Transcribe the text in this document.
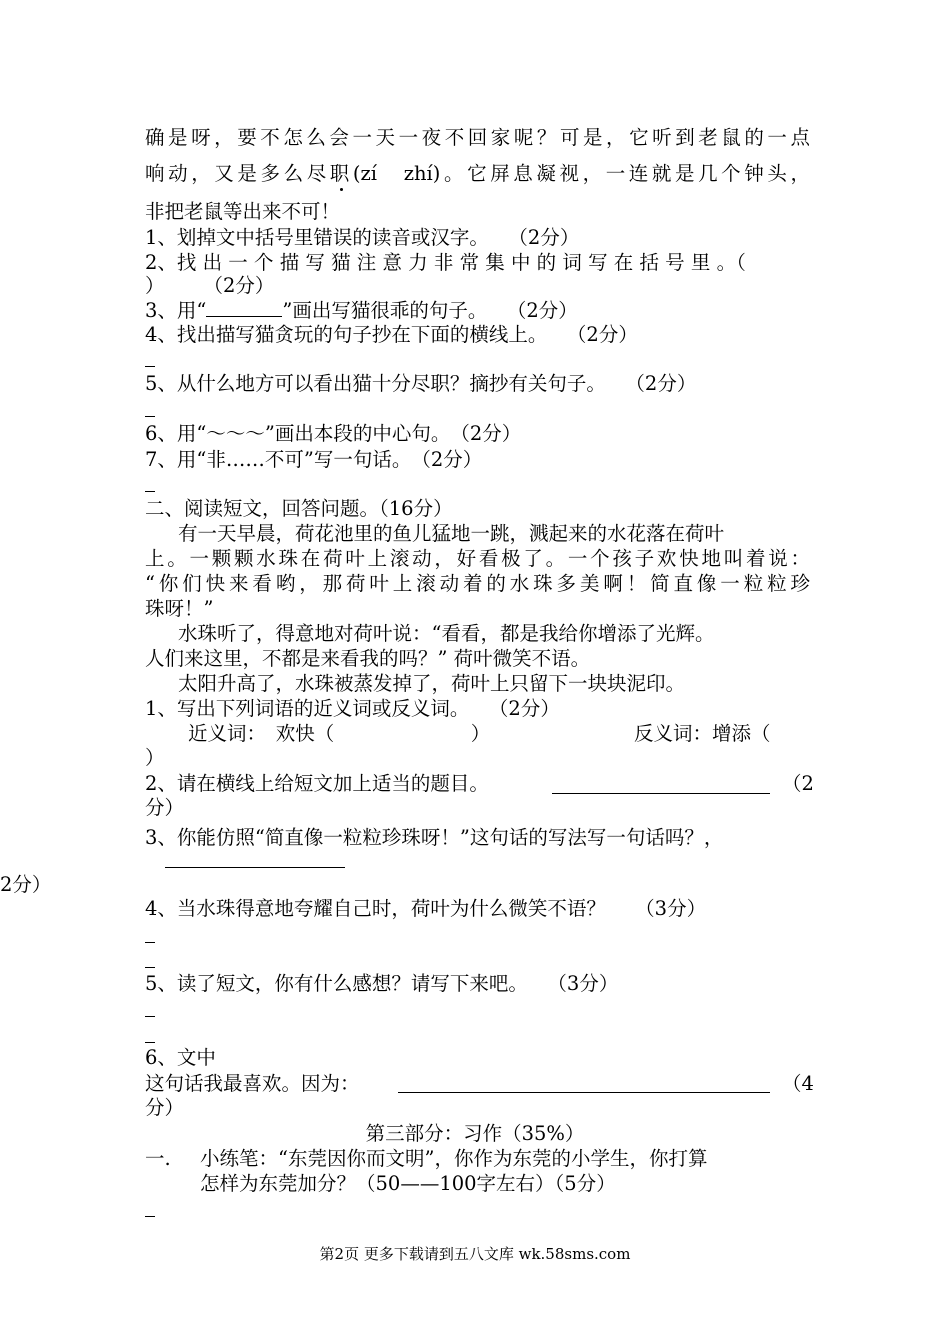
确是呀，要不怎么会一天一夜不回家呢？可是，它听到老鼠的一点
响动，又是多么尽职(zí　zhí)。它屏息凝视，一连就是几个钟头，
非把老鼠等出来不可！
1、划掉文中括号里错误的读音或汉字。　　（2分）
2、找 出 一 个 描 写 猫 注 意 力 非 常 集 中 的 词 写 在 括 号 里 。（
）　　　（2分）
3、用“	”画出写猫很乖的句子。　　（2分）
4、找出描写猫贪玩的句子抄在下面的横线上。　　（2分）
5、从什么地方可以看出猫十分尽职？摘抄有关句子。　　（2分）
6、用“～～～”画出本段的中心句。　（2分）
7、用“非……不可”写一句话。　（2分）
二、阅读短文，回答问题。（16分）
有一天早晨，荷花池里的鱼儿猛地一跳，溅起来的水花落在荷叶
上。一颗颗水珠在荷叶上滚动，好看极了。一个孩子欢快地叫着说：
“你们快来看哟，那荷叶上滚动着的水珠多美啊！简直像一粒粒珍
珠呀！”
水珠听了，得意地对荷叶说：“看看，都是我给你增添了光辉。
人们来这里，不都是来看我的吗？” 荷叶微笑不语。
太阳升高了，水珠被蒸发掉了，荷叶上只留下一块块泥印。
1、写出下列词语的近义词或反义词。　　（2分）
近义词：　欢快（　　　　　　　）	反义词：增添（
）
2、请在横线上给短文加上适当的题目。	（2
分）
3、你能仿照“简直像一粒粒珍珠呀！”这句话的写法写一句话吗？，
2分）
4、当水珠得意地夸耀自己时，荷叶为什么微笑不语？　　（3分）
5、读了短文，你有什么感想？请写下来吧。　　（3分）
6、文中
这句话我最喜欢。因为：	（4
分）
第三部分：习作（35%）
一. 小练笔：“东莞因你而文明”，你作为东莞的小学生，你打算
怎样为东莞加分？（50——100字左右）（5分）
第2页 更多下载请到五八文库 wk.58sms.com
